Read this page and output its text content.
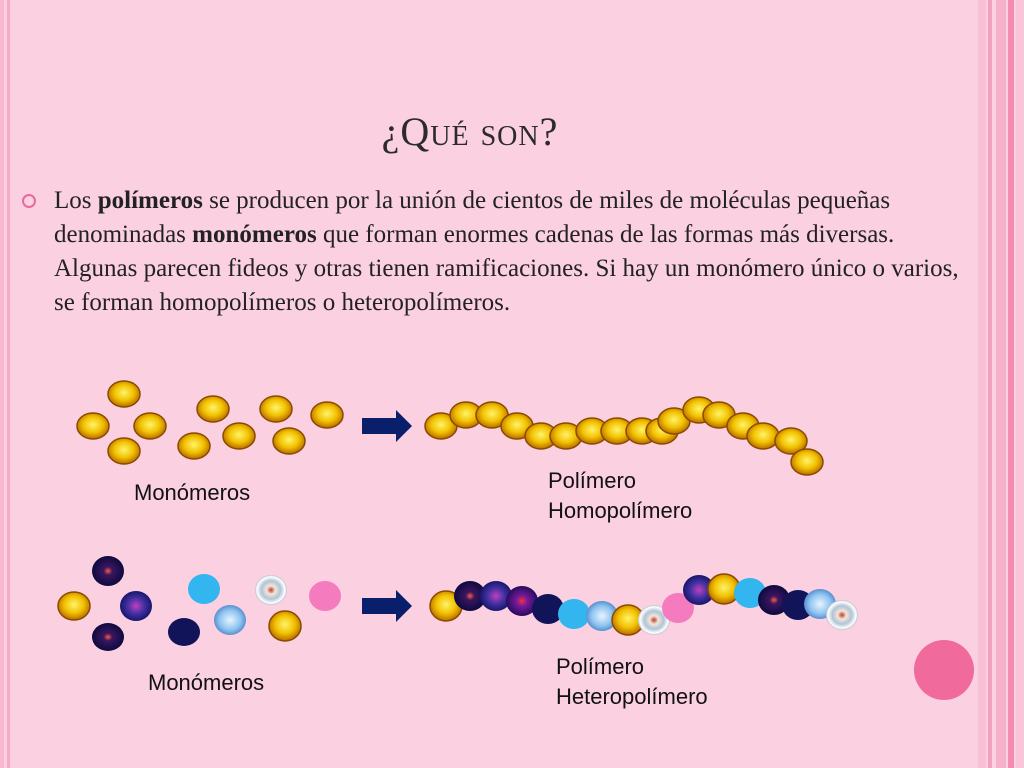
¿Qué son?
Los polímeros se producen por la unión de cientos de miles de moléculas pequeñas denominadas monómeros que forman enormes cadenas de las formas más diversas. Algunas parecen fideos y otras tienen ramificaciones. Si hay un monómero único o varios, se forman homopolímeros o heteropolímeros.
Monómeros	Polímero
Homopolímero
Monómeros
Polímero
Heteropolímero
